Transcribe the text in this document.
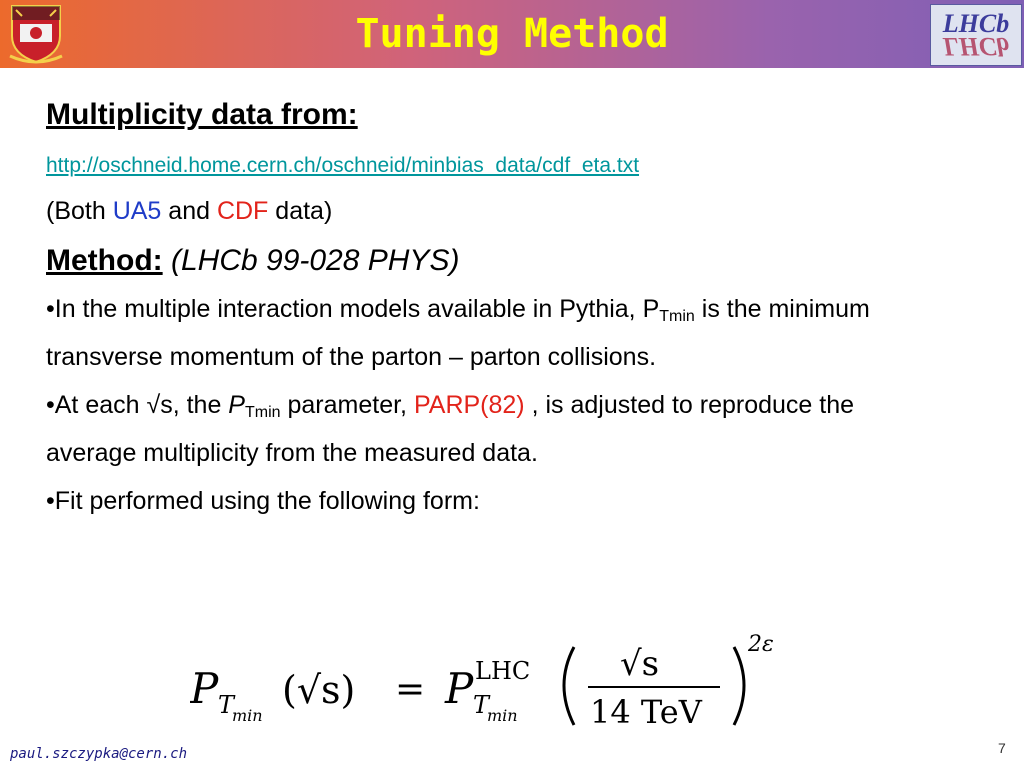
Tuning Method	LHCb
LHCb

Multiplicity data from:

http://oschneid.home.cern.ch/oschneid/minbias_data/cdf_eta.txt
(Both UA5 and CDF data)
Method: (LHCb 99-028 PHYS)
•In the multiple interaction models available in Pythia, $P_{Tmin}$ is the minimum transverse momentum of the parton – parton collisions.
•At each √s, the $P_{Tmin}$ parameter, PARP(82) , is adjusted to reproduce the average multiplicity from the measured data.
•Fit performed using the following form:
P T
min
(√s) = P LHC
T
min
√s
14 TeV
2ε
paul.szczypka@cern.ch	7
